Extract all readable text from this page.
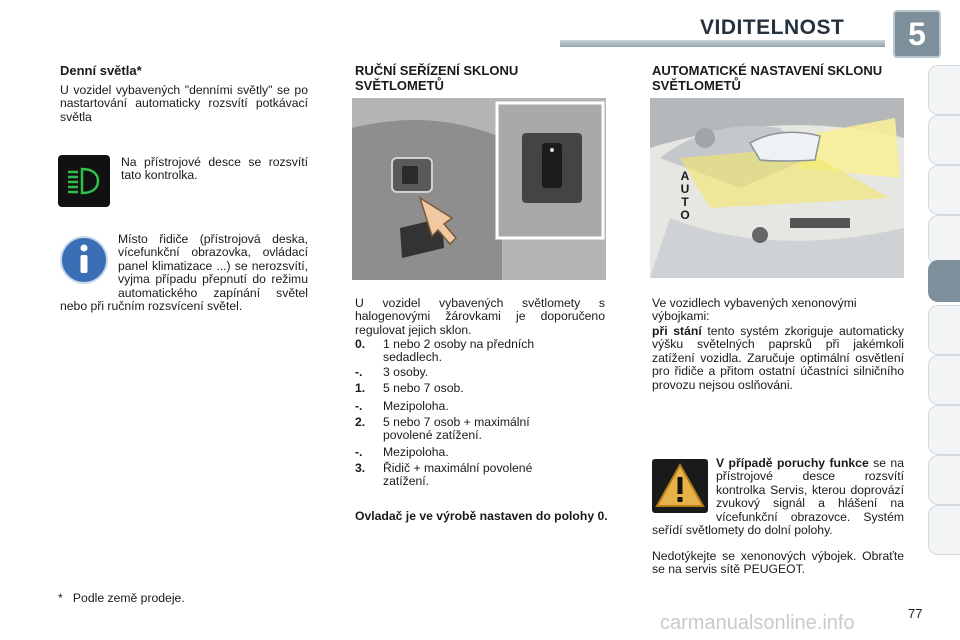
VIDITELNOST	5
Denní světla*

U vozidel vybavených "denními světly" se po nastartování automaticky rozsvítí potkávací světla

Na přístrojové desce se rozsvítí tato kontrolka.

Místo řidiče (přístrojová deska, vícefunkční obrazovka, ovládací panel klimatizace ...) se nerozsvítí, vyjma případu přepnutí do režimu automatického zapínání světel nebo při ručním rozsvícení světel.

RUČNÍ SEŘÍZENÍ SKLONU SVĚTLOMETŮ

U vozidel vybavených světlomety s halogenovými žárovkami je doporučeno regulovat jejich sklon.

0. 1 nebo 2 osoby na předních sedadlech.
-. 3 osoby.
1. 5 nebo 7 osob.
-. Mezipoloha.
2. 5 nebo 7 osob + maximální povolené zatížení.
-. Mezipoloha.
3. Řidič + maximální povolené zatížení.

Ovladač je ve výrobě nastaven do polohy 0.

AUTOMATICKÉ NASTAVENÍ SKLONU SVĚTLOMETŮ
AUTO

Ve vozidlech vybavených xenonovými výbojkami:

při stání tento systém zkoriguje automaticky výšku světelných paprsků při jakémkoli zatížení vozidla. Zaručuje optimální osvětlení pro řidiče a přitom ostatní účastníci silničního provozu nejsou oslňováni.

V případě poruchy funkce se na přístrojové desce rozsvítí kontrolka Servis, kterou doprovází zvukový signál a hlášení na vícefunkční obrazovce. Systém seřídí světlomety do dolní polohy.

Nedotýkejte se xenonových výbojek. Obraťte se na servis sítě PEUGEOT.

* Podle země prodeje.
77
carmanualsonline.info
